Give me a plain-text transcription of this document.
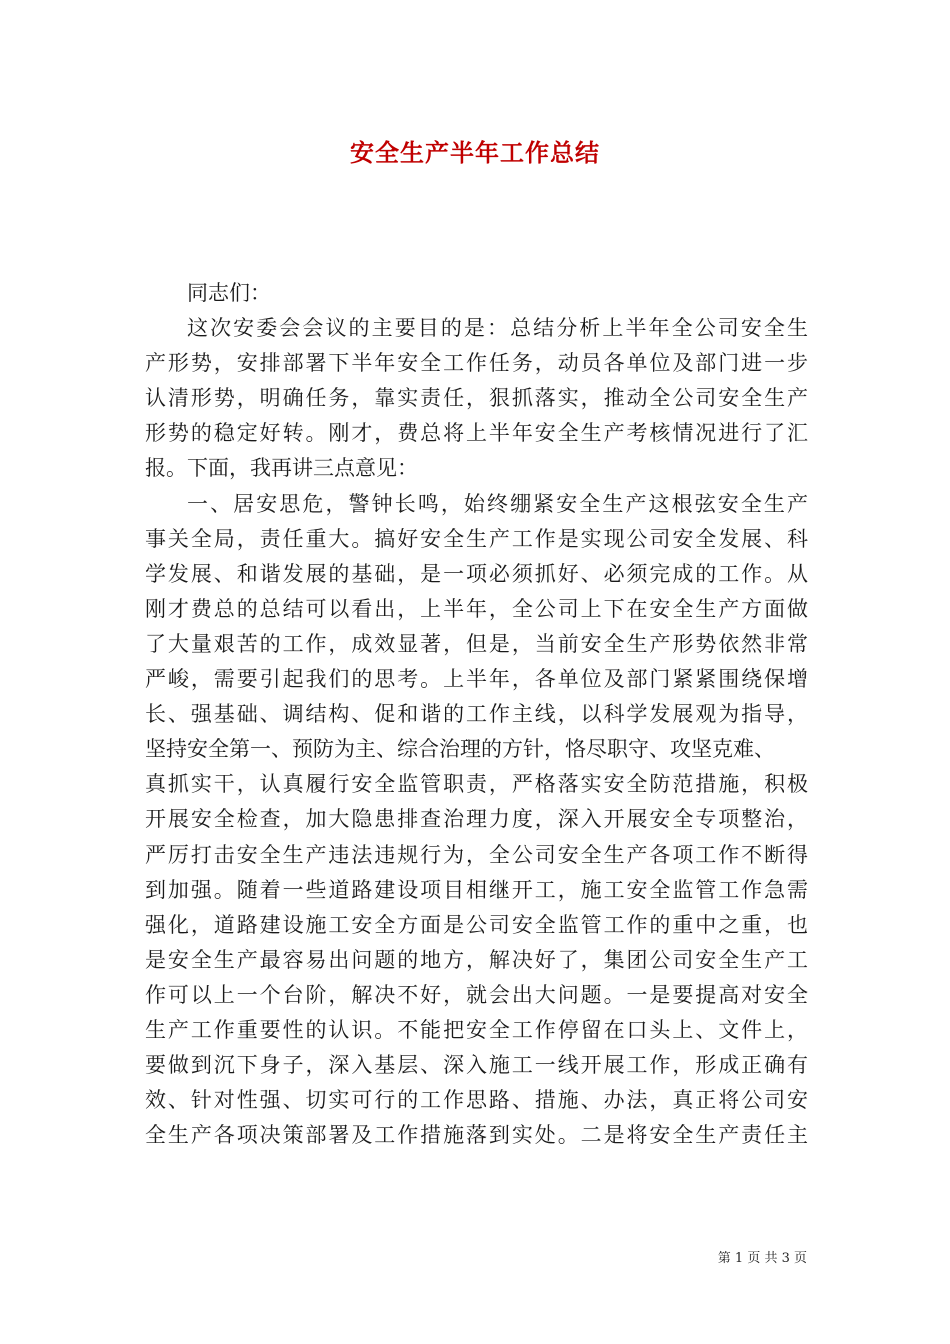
安全生产半年工作总结

同志们：

这次安委会会议的主要目的是：总结分析上半年全公司安全生

产形势，安排部署下半年安全工作任务，动员各单位及部门进一步

认清形势，明确任务，靠实责任，狠抓落实，推动全公司安全生产

形势的稳定好转。刚才，费总将上半年安全生产考核情况进行了汇

报。下面，我再讲三点意见：

一、居安思危，警钟长鸣，始终绷紧安全生产这根弦安全生产

事关全局，责任重大。搞好安全生产工作是实现公司安全发展、科

学发展、和谐发展的基础，是一项必须抓好、必须完成的工作。从

刚才费总的总结可以看出，上半年，全公司上下在安全生产方面做

了大量艰苦的工作，成效显著，但是，当前安全生产形势依然非常

严峻，需要引起我们的思考。上半年，各单位及部门紧紧围绕保增

长、强基础、调结构、促和谐的工作主线，以科学发展观为指导，

坚持安全第一、预防为主、综合治理的方针，恪尽职守、攻坚克难、

真抓实干，认真履行安全监管职责，严格落实安全防范措施，积极

开展安全检查，加大隐患排查治理力度，深入开展安全专项整治，

严厉打击安全生产违法违规行为，全公司安全生产各项工作不断得

到加强。随着一些道路建设项目相继开工，施工安全监管工作急需

强化，道路建设施工安全方面是公司安全监管工作的重中之重，也

是安全生产最容易出问题的地方，解决好了，集团公司安全生产工

作可以上一个台阶，解决不好，就会出大问题。一是要提高对安全

生产工作重要性的认识。不能把安全工作停留在口头上、文件上，

要做到沉下身子，深入基层、深入施工一线开展工作，形成正确有

效、针对性强、切实可行的工作思路、措施、办法，真正将公司安

全生产各项决策部署及工作措施落到实处。二是将安全生产责任主

第 1 页 共 3 页
